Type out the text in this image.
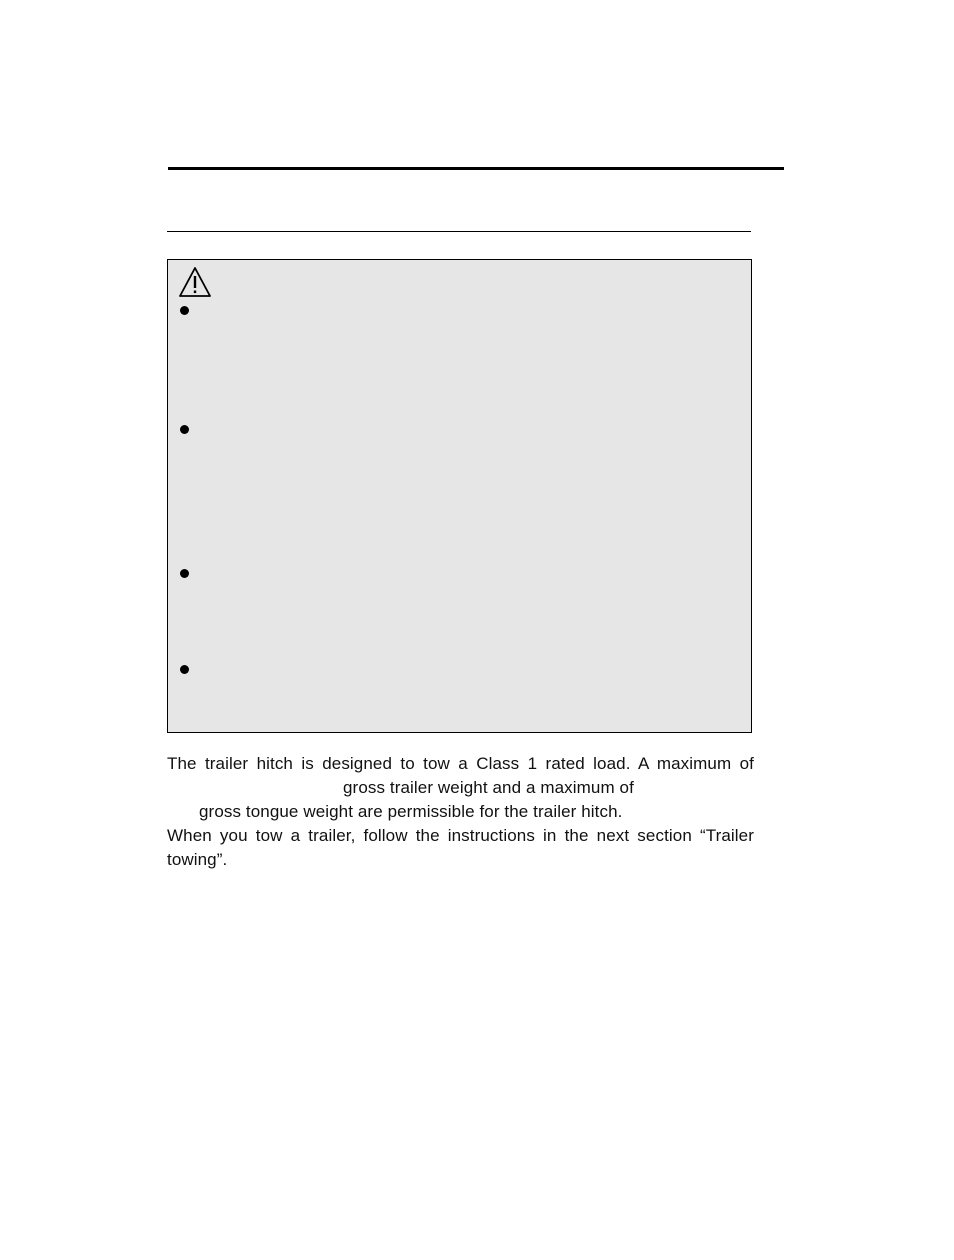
The trailer hitch is designed to tow a Class 1 rated load. A maximum of
gross trailer weight and a maximum of
gross tongue weight are permissible for the trailer hitch.
When you tow a trailer, follow the instructions in the next section “Trailer
towing”.
